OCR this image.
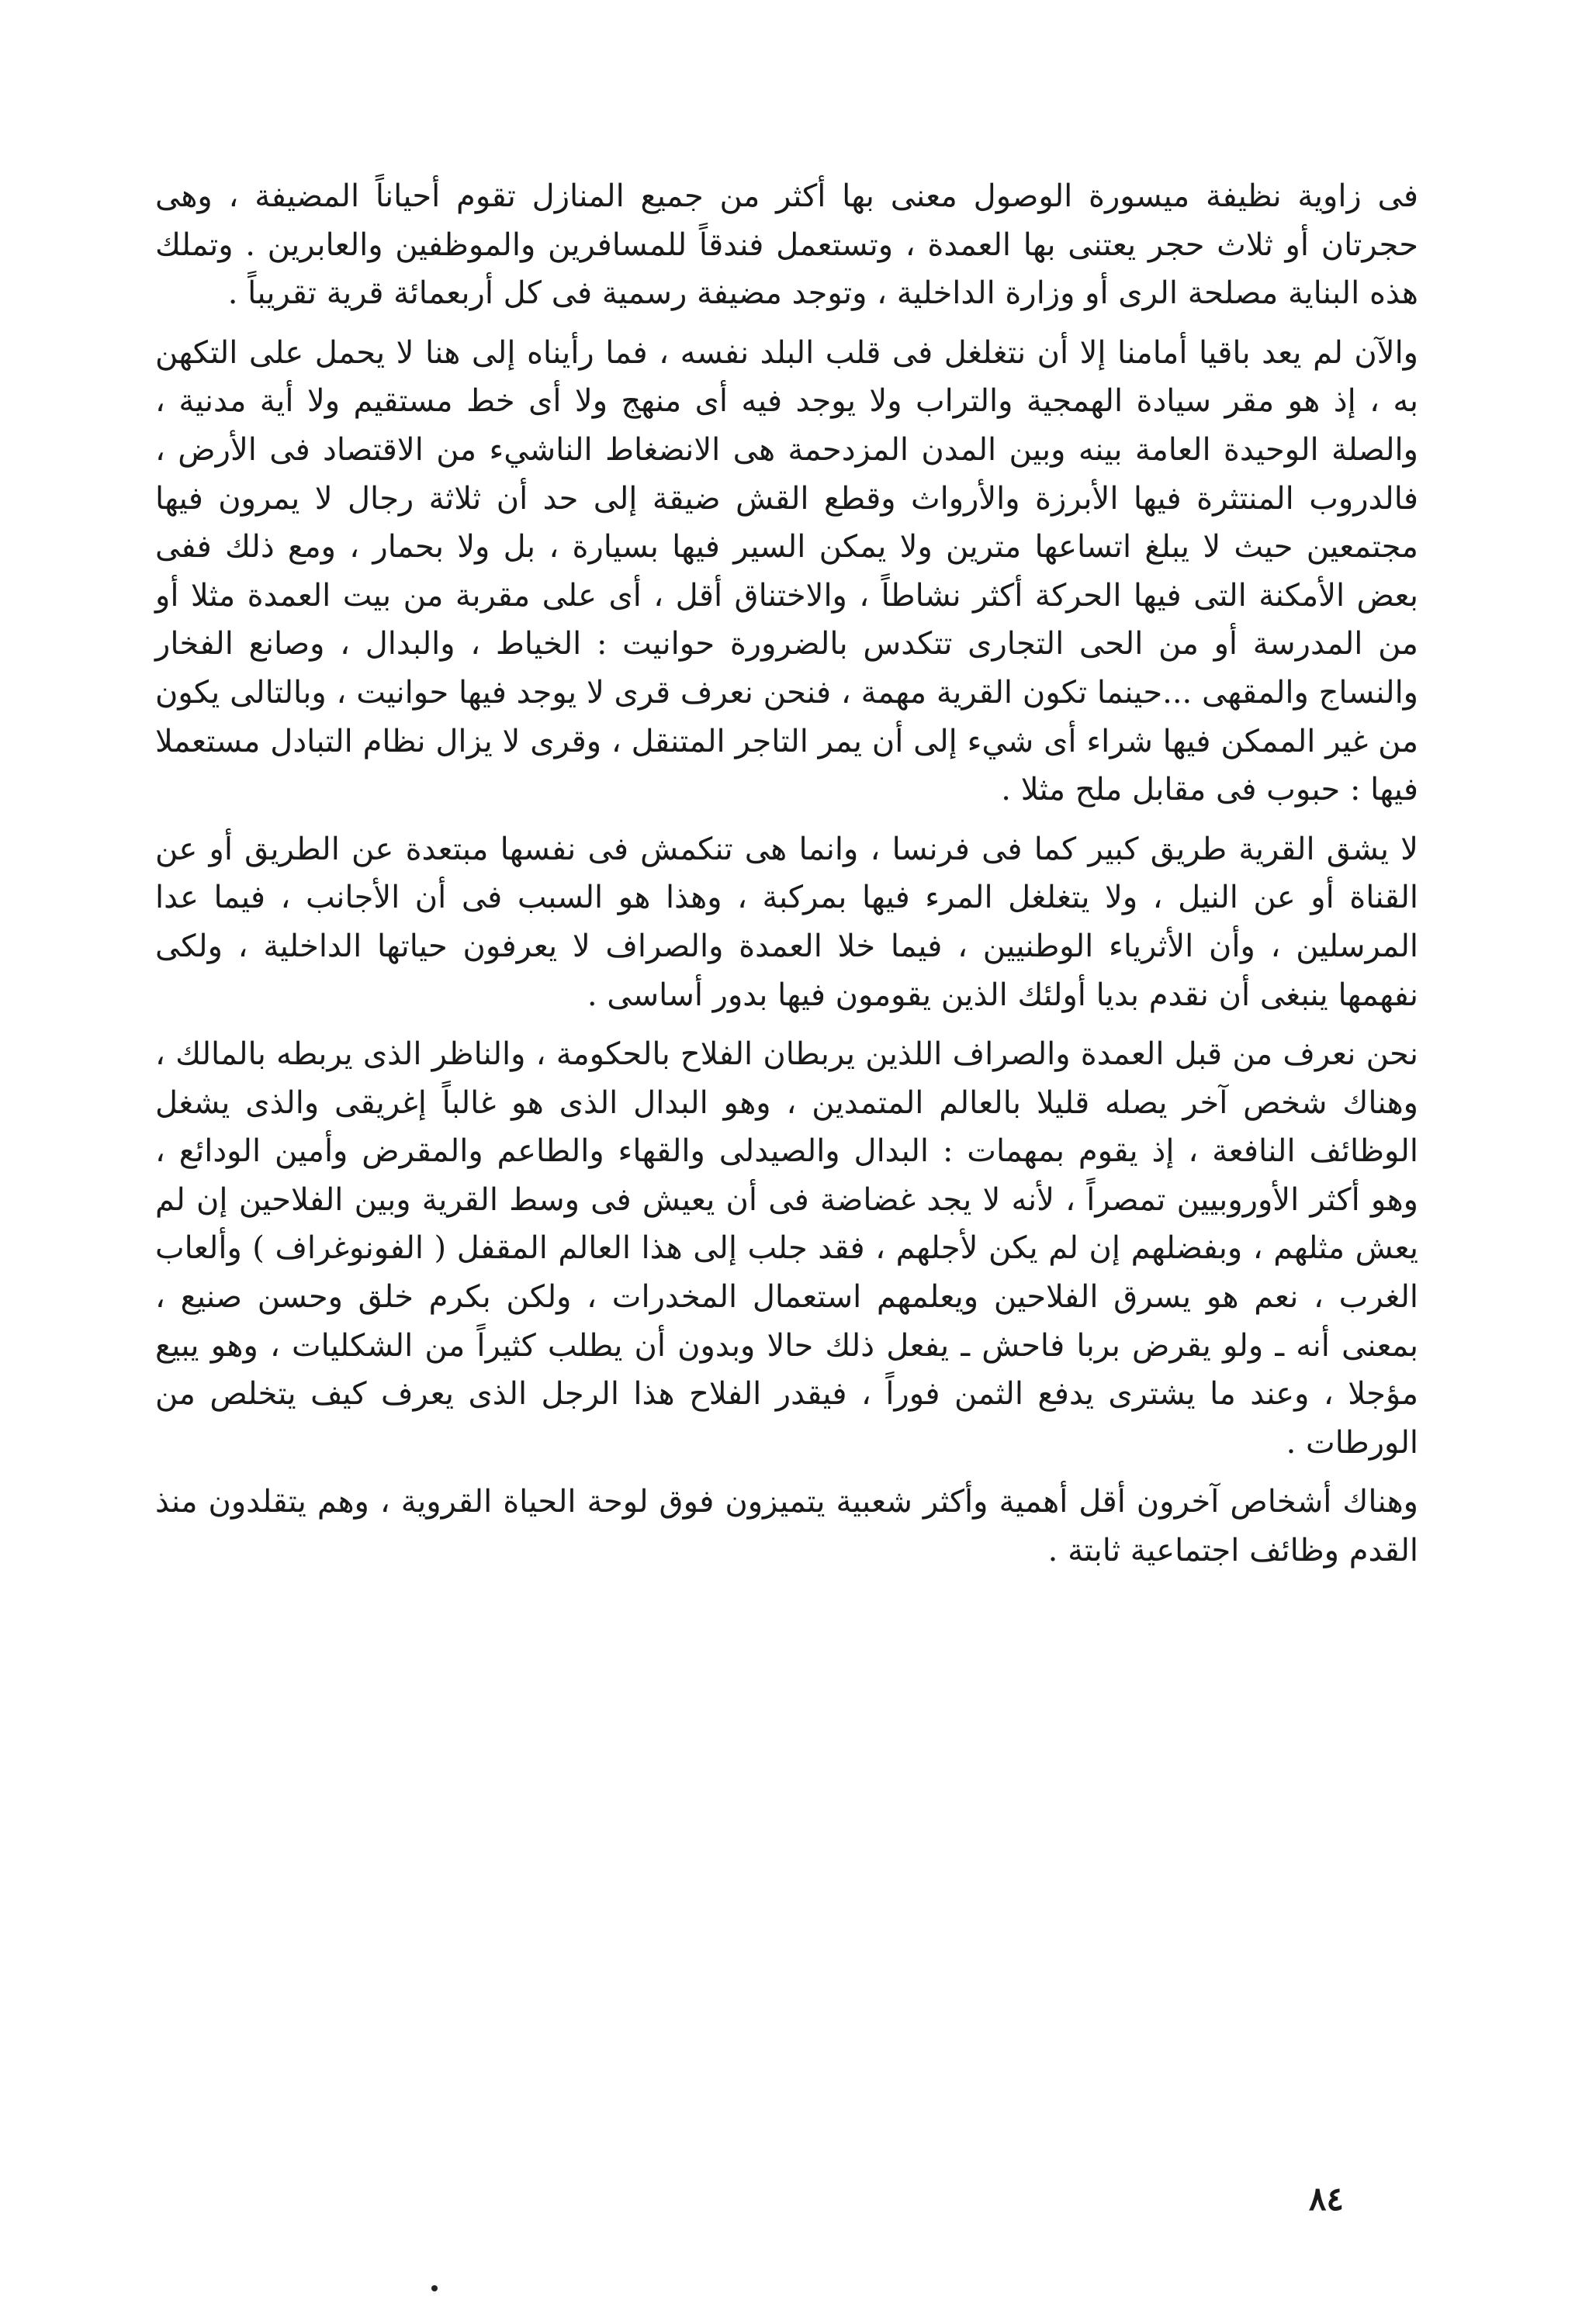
فى زاوية نظيفة ميسورة الوصول معنى بها أكثر من جميع المنازل تقوم أحياناً المضيفة ، وهى حجرتان أو ثلاث حجر يعتنى بها العمدة ، وتستعمل فندقاً للمسافرين والموظفين والعابرين . وتملك هذه البناية مصلحة الرى أو وزارة الداخلية ، وتوجد مضيفة رسمية فى كل أربعمائة قرية تقريباً .

والآن لم يعد باقيا أمامنا إلا أن نتغلغل فى قلب البلد نفسه ، فما رأيناه إلى هنا لا يحمل على التكهن به ، إذ هو مقر سيادة الهمجية والتراب ولا يوجد فيه أى منهج ولا أى خط مستقيم ولا أية مدنية ، والصلة الوحيدة العامة بينه وبين المدن المزدحمة هى الانضغاط الناشيء من الاقتصاد فى الأرض ، فالدروب المنتثرة فيها الأبرزة والأرواث وقطع القش ضيقة إلى حد أن ثلاثة رجال لا يمرون فيها مجتمعين حيث لا يبلغ اتساعها مترين ولا يمكن السير فيها بسيارة ، بل ولا بحمار ، ومع ذلك ففى بعض الأمكنة التى فيها الحركة أكثر نشاطاً ، والاختناق أقل ، أى على مقربة من بيت العمدة مثلا أو من المدرسة أو من الحى التجارى تتكدس بالضرورة حوانيت : الخياط ، والبدال ، وصانع الفخار والنساج والمقهى ...حينما تكون القرية مهمة ، فنحن نعرف قرى لا يوجد فيها حوانيت ، وبالتالى يكون من غير الممكن فيها شراء أى شيء إلى أن يمر التاجر المتنقل ، وقرى لا يزال نظام التبادل مستعملا فيها : حبوب فى مقابل ملح مثلا .

لا يشق القرية طريق كبير كما فى فرنسا ، وانما هى تنكمش فى نفسها مبتعدة عن الطريق أو عن القناة أو عن النيل ، ولا يتغلغل المرء فيها بمركبة ، وهذا هو السبب فى أن الأجانب ، فيما عدا المرسلين ، وأن الأثرياء الوطنيين ، فيما خلا العمدة والصراف لا يعرفون حياتها الداخلية ، ولكى نفهمها ينبغى أن نقدم بديا أولئك الذين يقومون فيها بدور أساسى .

نحن نعرف من قبل العمدة والصراف اللذين يربطان الفلاح بالحكومة ، والناظر الذى يربطه بالمالك ، وهناك شخص آخر يصله قليلا بالعالم المتمدين ، وهو البدال الذى هو غالباً إغريقى والذى يشغل الوظائف النافعة ، إذ يقوم بمهمات : البدال والصيدلى والقهاء والطاعم والمقرض وأمين الودائع ، وهو أكثر الأوروبيين تمصراً ، لأنه لا يجد غضاضة فى أن يعيش فى وسط القرية وبين الفلاحين إن لم يعش مثلهم ، وبفضلهم إن لم يكن لأجلهم ، فقد جلب إلى هذا العالم المقفل ( الفونوغراف ) وألعاب الغرب ، نعم هو يسرق الفلاحين ويعلمهم استعمال المخدرات ، ولكن بكرم خلق وحسن صنيع ، بمعنى أنه ـ ولو يقرض بربا فاحش ـ يفعل ذلك حالا وبدون أن يطلب كثيراً من الشكليات ، وهو يبيع مؤجلا ، وعند ما يشترى يدفع الثمن فوراً ، فيقدر الفلاح هذا الرجل الذى يعرف كيف يتخلص من الورطات .

وهناك أشخاص آخرون أقل أهمية وأكثر شعبية يتميزون فوق لوحة الحياة القروية ، وهم يتقلدون منذ القدم وظائف اجتماعية ثابتة .

٨٤
